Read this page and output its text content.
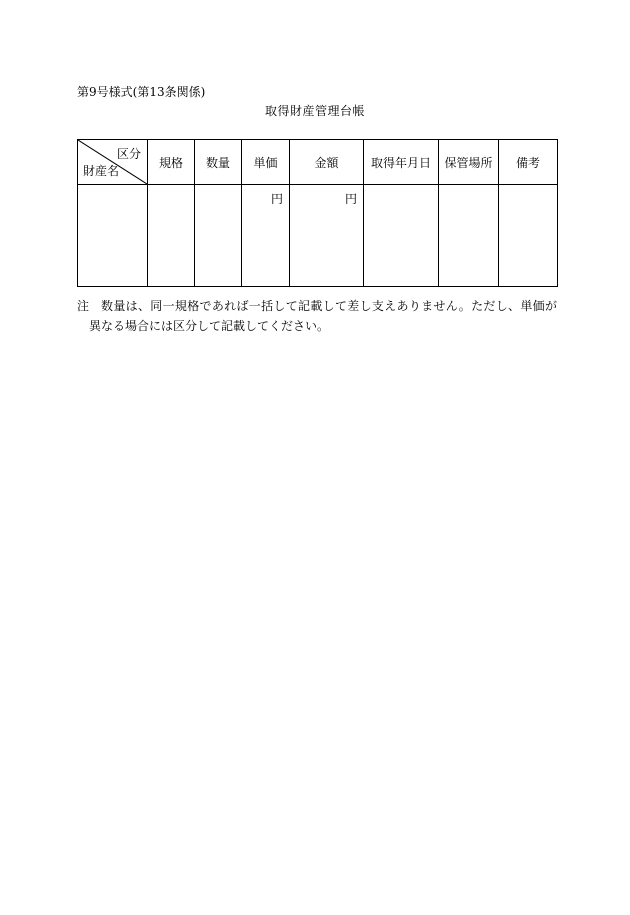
第9号様式(第13条関係)
取得財産管理台帳
区分
財産名	規格	数量	単価	金額	取得年月日	保管場所	備考

			円	円			

注 数量は、同一規格であれば一括して記載して差し支えありません。ただし、単価が異なる場合には区分して記載してください。
